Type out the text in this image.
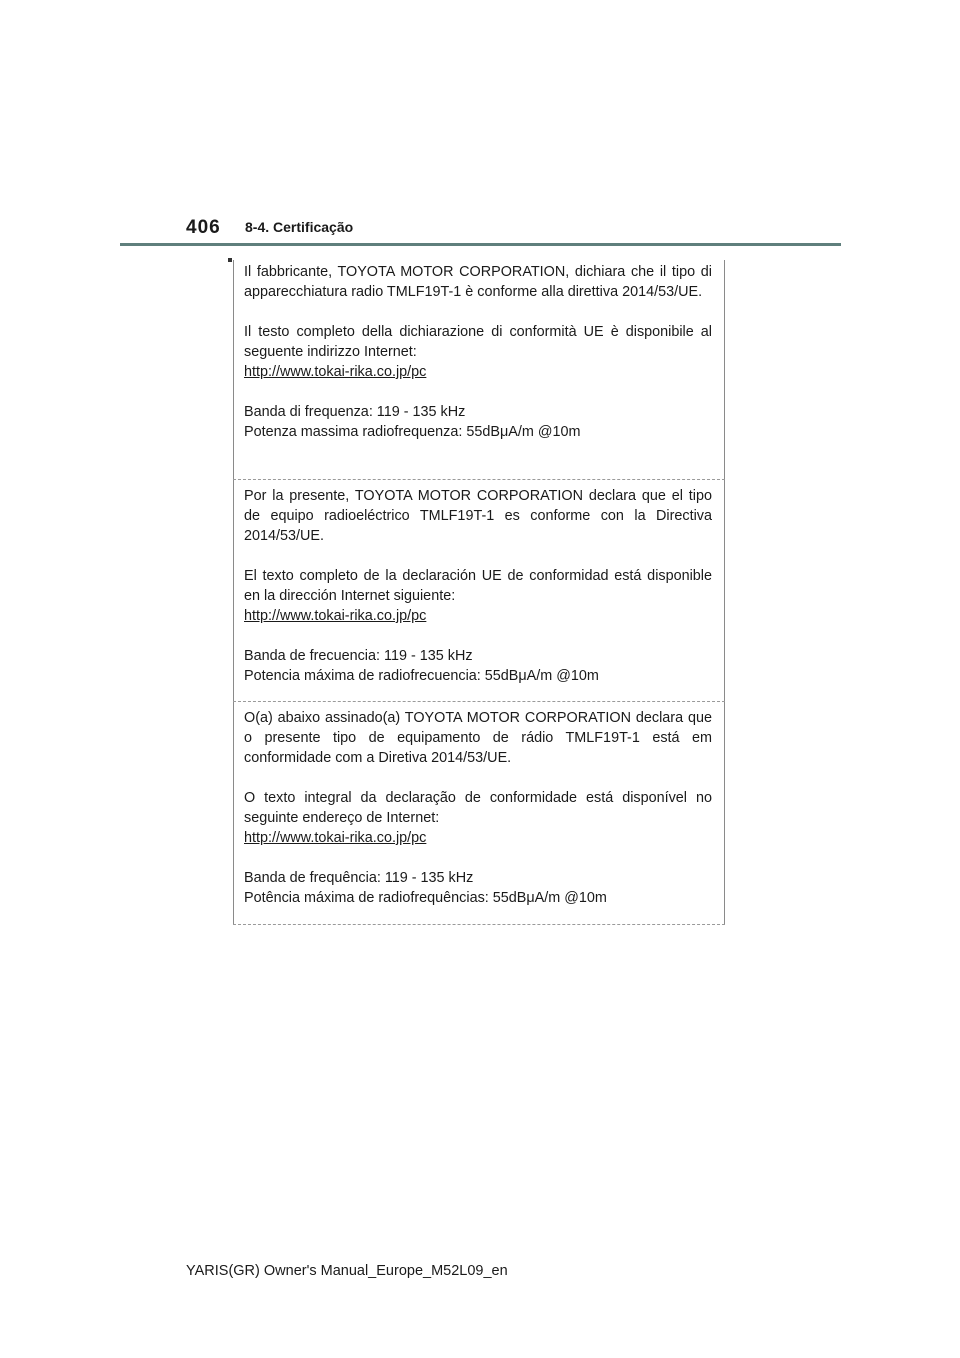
406 8-4. Certificação

Il fabbricante, TOYOTA MOTOR CORPORATION, dichiara che il tipo di apparecchiatura radio TMLF19T-1 è conforme alla direttiva 2014/53/UE.

Il testo completo della dichiarazione di conformità UE è disponibile al seguente indirizzo Internet:

http://www.tokai-rika.co.jp/pc
Banda di frequenza: 119 - 135 kHz
Potenza massima radiofrequenza: 55dBμA/m @10m

Por la presente, TOYOTA MOTOR CORPORATION declara que el tipo de equipo radioeléctrico TMLF19T-1 es conforme con la Directiva 2014/53/UE.

El texto completo de la declaración UE de conformidad está disponible en la dirección Internet siguiente:

http://www.tokai-rika.co.jp/pc
Banda de frecuencia: 119 - 135 kHz
Potencia máxima de radiofrecuencia: 55dBμA/m @10m

O(a) abaixo assinado(a) TOYOTA MOTOR CORPORATION declara que o presente tipo de equipamento de rádio TMLF19T-1 está em conformidade com a Diretiva 2014/53/UE.

O texto integral da declaração de conformidade está disponível no seguinte endereço de Internet:

http://www.tokai-rika.co.jp/pc
Banda de frequência: 119 - 135 kHz
Potência máxima de radiofrequências: 55dBμA/m @10m
YARIS(GR) Owner's Manual_Europe_M52L09_en
